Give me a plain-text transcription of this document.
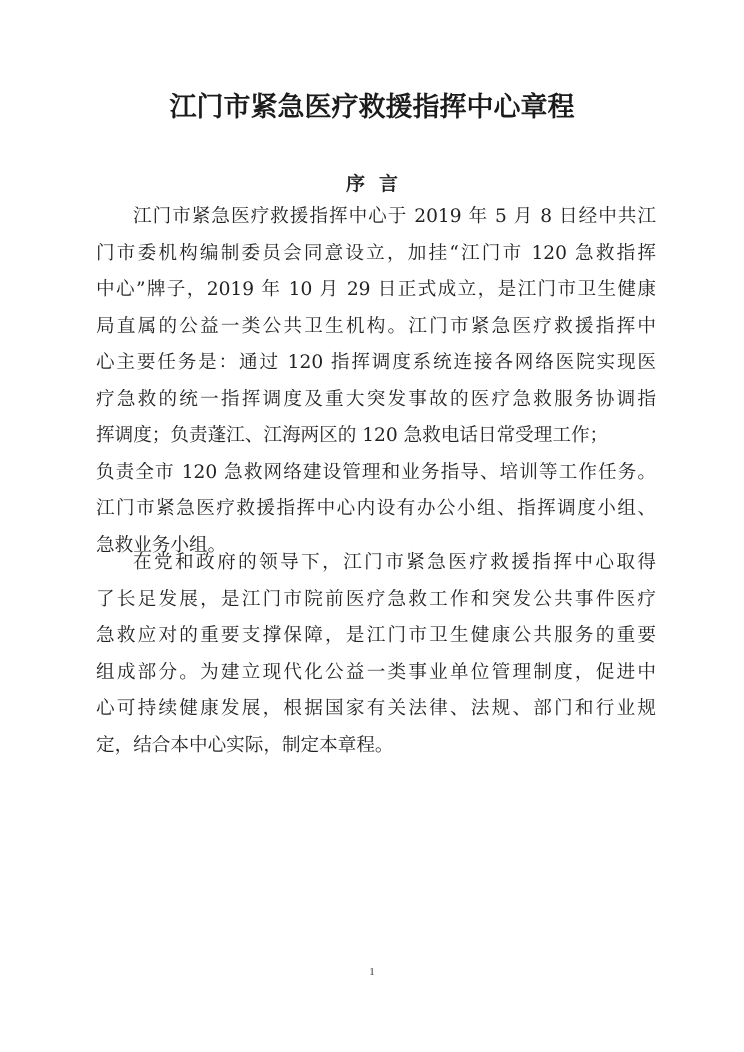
江门市紧急医疗救援指挥中心章程
序 言
江门市紧急医疗救援指挥中心于 2019 年 5 月 8 日经中共江
门市委机构编制委员会同意设立，加挂“江门市 120 急救指挥
中心”牌子，2019 年 10 月 29 日正式成立，是江门市卫生健康
局直属的公益一类公共卫生机构。江门市紧急医疗救援指挥中
心主要任务是：通过 120 指挥调度系统连接各网络医院实现医
疗急救的统一指挥调度及重大突发事故的医疗急救服务协调指
挥调度；负责蓬江、江海两区的 120 急救电话日常受理工作；
负责全市 120 急救网络建设管理和业务指导、培训等工作任务。
江门市紧急医疗救援指挥中心内设有办公小组、指挥调度小组、
急救业务小组。
在党和政府的领导下，江门市紧急医疗救援指挥中心取得
了长足发展，是江门市院前医疗急救工作和突发公共事件医疗
急救应对的重要支撑保障，是江门市卫生健康公共服务的重要
组成部分。为建立现代化公益一类事业单位管理制度，促进中
心可持续健康发展，根据国家有关法律、法规、部门和行业规
定，结合本中心实际，制定本章程。
1
